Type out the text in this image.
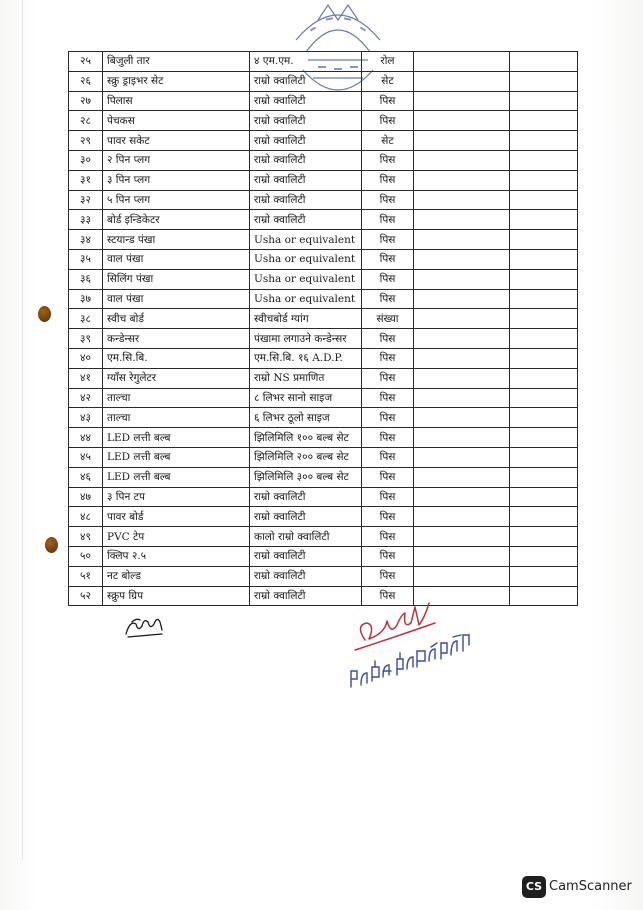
२५	बिजुली तार	४ एम.एम.	रोल		
२६	स्क्रु ड्राइभर सेट	राम्रो क्वालिटी	सेट		
२७	पिलास	राम्रो क्वालिटी	पिस		
२८	पेचकस	राम्रो क्वालिटी	पिस		
२९	पावर सकेट	राम्रो क्वालिटी	सेट		
३०	२ पिन प्लग	राम्रो क्वालिटी	पिस		
३१	३ पिन प्लग	राम्रो क्वालिटी	पिस		
३२	५ पिन प्लग	राम्रो क्वालिटी	पिस		
३३	बोर्ड इन्डिकेटर	राम्रो क्वालिटी	पिस		
३४	स्टयान्ड पंखा	Usha or equivalent	पिस		
३५	वाल पंखा	Usha or equivalent	पिस		
३६	सिलिंग पंखा	Usha or equivalent	पिस		
३७	वाल पंखा	Usha or equivalent	पिस		
३८	स्वीच बोर्ड	स्वीचबोर्ड ग्यांग	संख्या		
३९	कन्डेन्सर	पंखामा लगाउने कन्डेन्सर	पिस		
४०	एम.सि.बि.	एम.सि.बि. १६ A.D.P.	पिस		
४१	ग्याँस रेगुलेटर	राम्रो NS प्रमाणित	पिस		
४२	ताल्चा	८ लिभर सानो साइज	पिस		
४३	ताल्चा	६ लिभर ठूलो साइज	पिस		
४४	LED लत्ती बल्ब	झिलिमिलि १०० बल्ब सेट	पिस		
४५	LED लत्ती बल्ब	झिलिमिलि २०० बल्ब सेट	पिस		
४६	LED लत्ती बल्ब	झिलिमिलि ३०० बल्ब सेट	पिस		
४७	३ पिन टप	राम्रो क्वालिटी	पिस		
४८	पावर बोर्ड	राम्रो क्वालिटी	पिस		
४९	PVC टेप	कालो राम्रो क्वालिटी	पिस		
५०	क्लिप २.५	राम्रो क्वालिटी	पिस		
५१	नट बोल्ड	राम्रो क्वालिटी	पिस		
५२	स्क्रुप ग्रिप	राम्रो क्वालिटी	पिस		
CS CamScanner
